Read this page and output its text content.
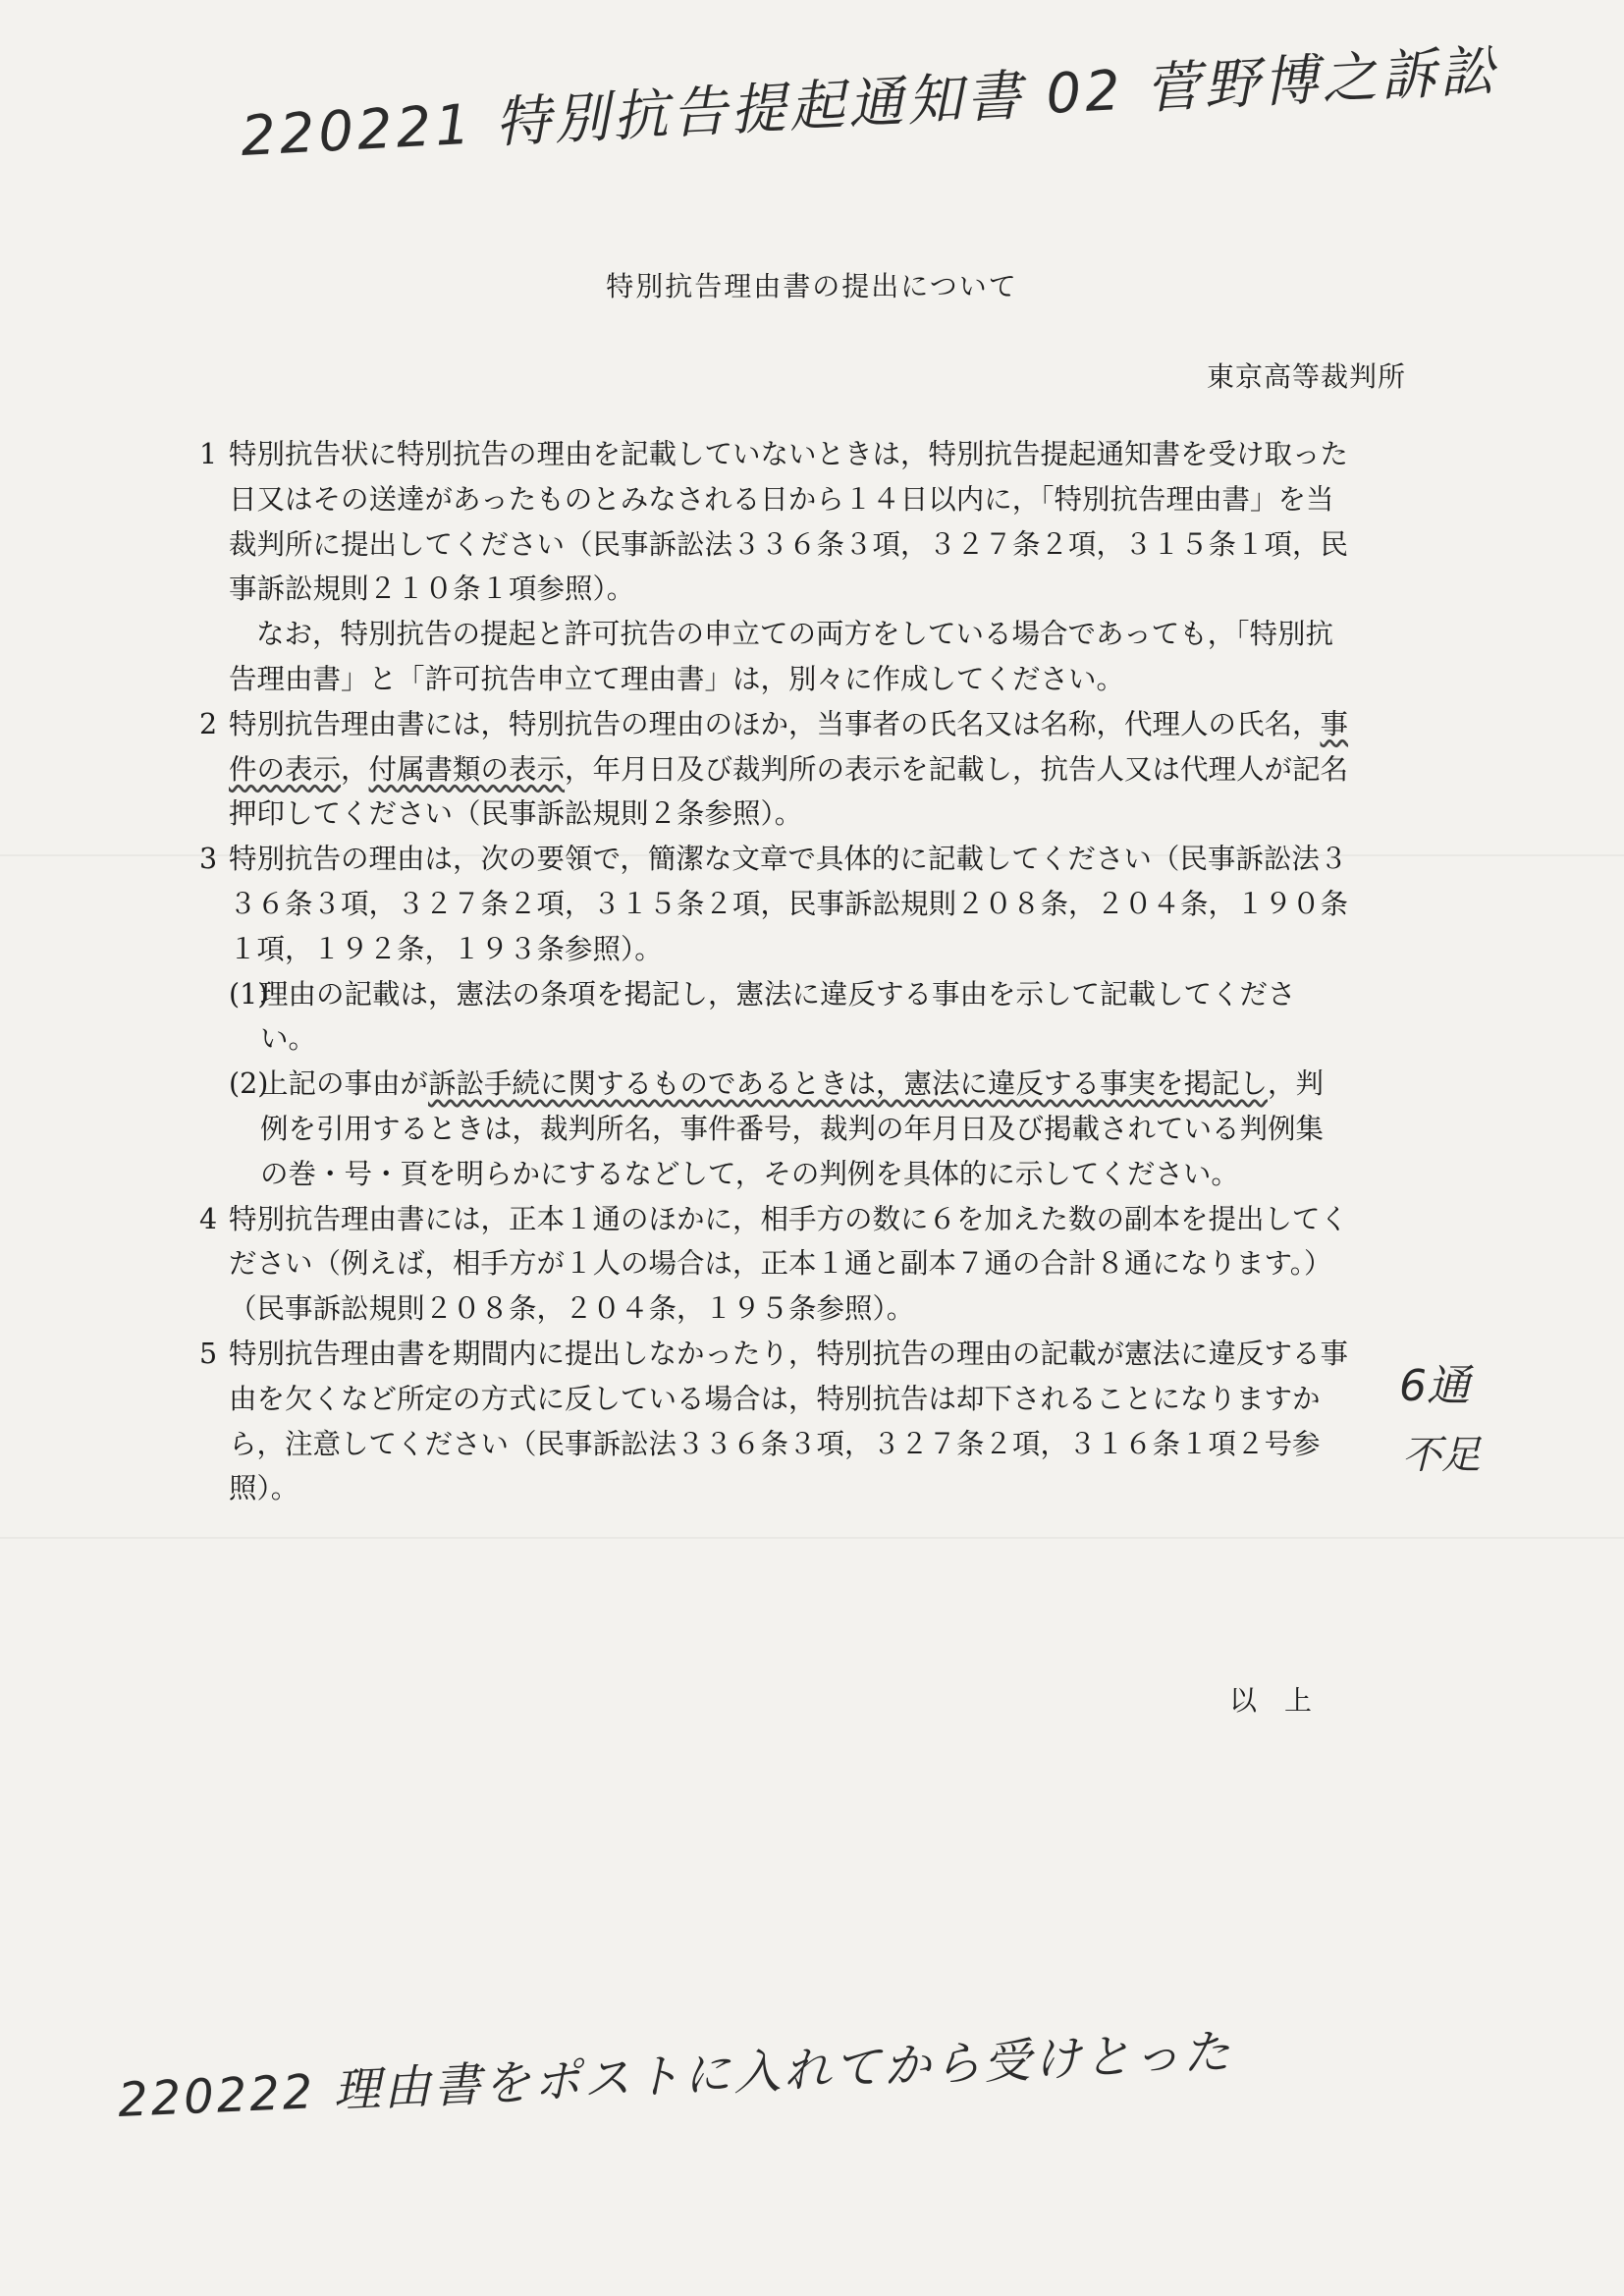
220221 特別抗告提起通知書 02 菅野博之訴訟
特別抗告理由書の提出について
東京高等裁判所
1 特別抗告状に特別抗告の理由を記載していないときは，特別抗告提起通知書を受け取った日又はその送達があったものとみなされる日から１４日以内に，「特別抗告理由書」を当裁判所に提出してください（民事訴訟法３３６条３項，３２７条２項，３１５条１項，民事訴訟規則２１０条１項参照）。
なお，特別抗告の提起と許可抗告の申立ての両方をしている場合であっても，「特別抗告理由書」と「許可抗告申立て理由書」は，別々に作成してください。
2 特別抗告理由書には，特別抗告の理由のほか，当事者の氏名又は名称，代理人の氏名，事件の表示，付属書類の表示，年月日及び裁判所の表示を記載し，抗告人又は代理人が記名押印してください（民事訴訟規則２条参照）。
3 特別抗告の理由は，次の要領で，簡潔な文章で具体的に記載してください（民事訴訟法３３６条３項，３２７条２項，３１５条２項，民事訴訟規則２０８条，２０４条，１９０条１項，１９２条，１９３条参照）。
(1)
理由の記載は，憲法の条項を掲記し，憲法に違反する事由を示して記載してください。
(2)
上記の事由が訴訟手続に関するものであるときは，憲法に違反する事実を掲記し，判例を引用するときは，裁判所名，事件番号，裁判の年月日及び掲載されている判例集の巻・号・頁を明らかにするなどして，その判例を具体的に示してください。
4 特別抗告理由書には，正本１通のほかに，相手方の数に６を加えた数の副本を提出してください（例えば，相手方が１人の場合は，正本１通と副本７通の合計８通になります。）（民事訴訟規則２０８条，２０４条，１９５条参照）。
5 特別抗告理由書を期間内に提出しなかったり，特別抗告の理由の記載が憲法に違反する事由を欠くなど所定の方式に反している場合は，特別抗告は却下されることになりますから，注意してください（民事訴訟法３３６条３項，３２７条２項，３１６条１項２号参照）。
以上
6通
不足
220222 理由書をポストに入れてから受けとった
